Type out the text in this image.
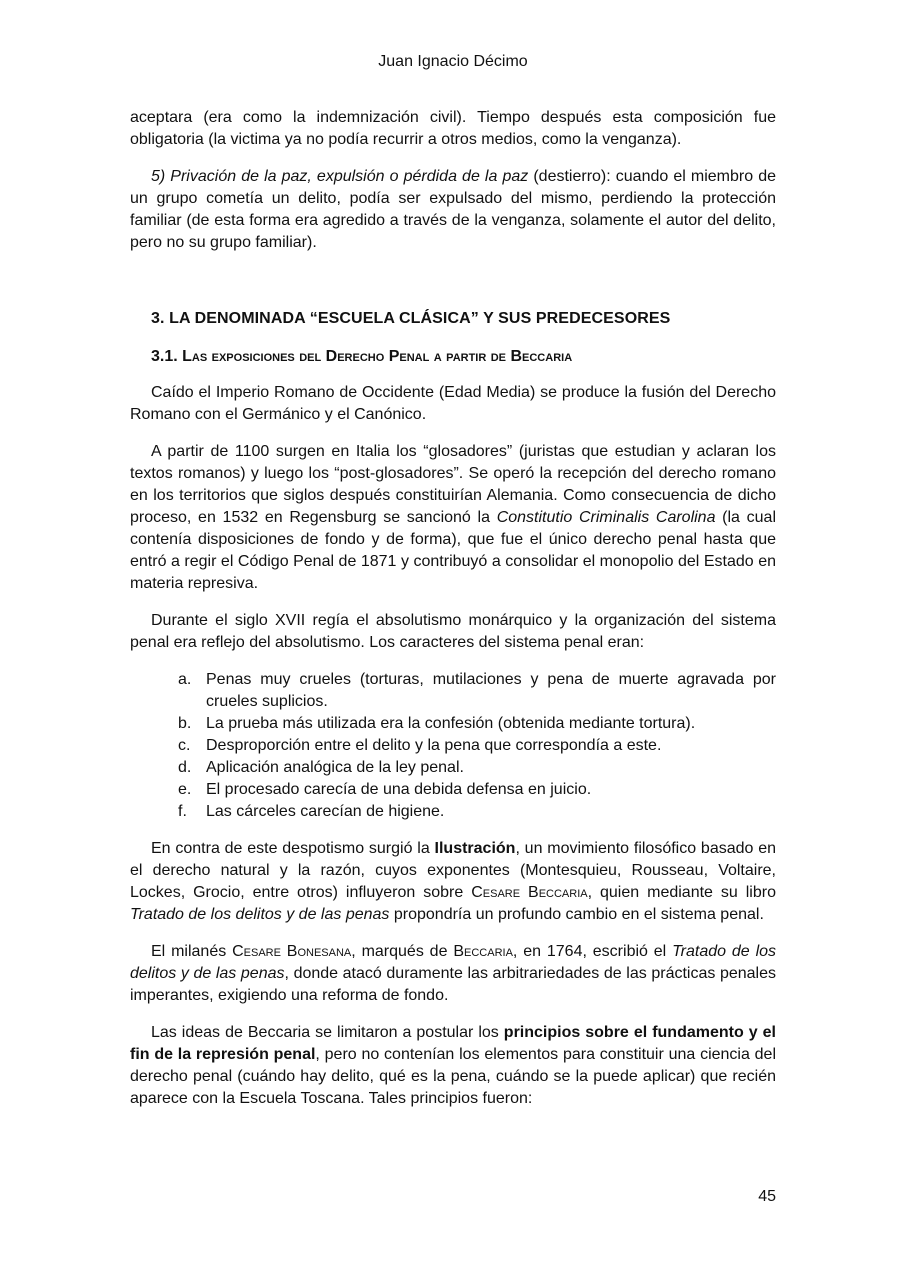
Juan Ignacio Décimo

aceptara (era como la indemnización civil). Tiempo después esta composición fue obligatoria (la victima ya no podía recurrir a otros medios, como la venganza).

5) Privación de la paz, expulsión o pérdida de la paz (destierro): cuando el miembro de un grupo cometía un delito, podía ser expulsado del mismo, perdiendo la protección familiar (de esta forma era agredido a través de la venganza, solamente el autor del delito, pero no su grupo familiar).

3. LA DENOMINADA “ESCUELA CLÁSICA” Y SUS PREDECESORES
3.1. Las exposiciones del Derecho Penal a partir de Beccaria

Caído el Imperio Romano de Occidente (Edad Media) se produce la fusión del Derecho Romano con el Germánico y el Canónico.

A partir de 1100 surgen en Italia los “glosadores” (juristas que estudian y aclaran los textos romanos) y luego los “post-glosadores”. Se operó la recepción del derecho romano en los territorios que siglos después constituirían Alemania. Como consecuencia de dicho proceso, en 1532 en Regensburg se sancionó la Constitutio Criminalis Carolina (la cual contenía disposiciones de fondo y de forma), que fue el único derecho penal hasta que entró a regir el Código Penal de 1871 y contribuyó a consolidar el monopolio del Estado en materia represiva.

Durante el siglo XVII regía el absolutismo monárquico y la organización del sistema penal era reflejo del absolutismo. Los caracteres del sistema penal eran:

a. Penas muy crueles (torturas, mutilaciones y pena de muerte agravada por crueles suplicios.
b. La prueba más utilizada era la confesión (obtenida mediante tortura).
c. Desproporción entre el delito y la pena que correspondía a este.
d. Aplicación analógica de la ley penal.
e. El procesado carecía de una debida defensa en juicio.
f. Las cárceles carecían de higiene.

En contra de este despotismo surgió la Ilustración, un movimiento filosófico basado en el derecho natural y la razón, cuyos exponentes (Montesquieu, Rousseau, Voltaire, Lockes, Grocio, entre otros) influyeron sobre Cesare Beccaria, quien mediante su libro Tratado de los delitos y de las penas propondría un profundo cambio en el sistema penal.

El milanés Cesare Bonesana, marqués de Beccaria, en 1764, escribió el Tratado de los delitos y de las penas, donde atacó duramente las arbitrariedades de las prácticas penales imperantes, exigiendo una reforma de fondo.

Las ideas de Beccaria se limitaron a postular los principios sobre el fundamento y el fin de la represión penal, pero no contenían los elementos para constituir una ciencia del derecho penal (cuándo hay delito, qué es la pena, cuándo se la puede aplicar) que recién aparece con la Escuela Toscana. Tales principios fueron:

45
